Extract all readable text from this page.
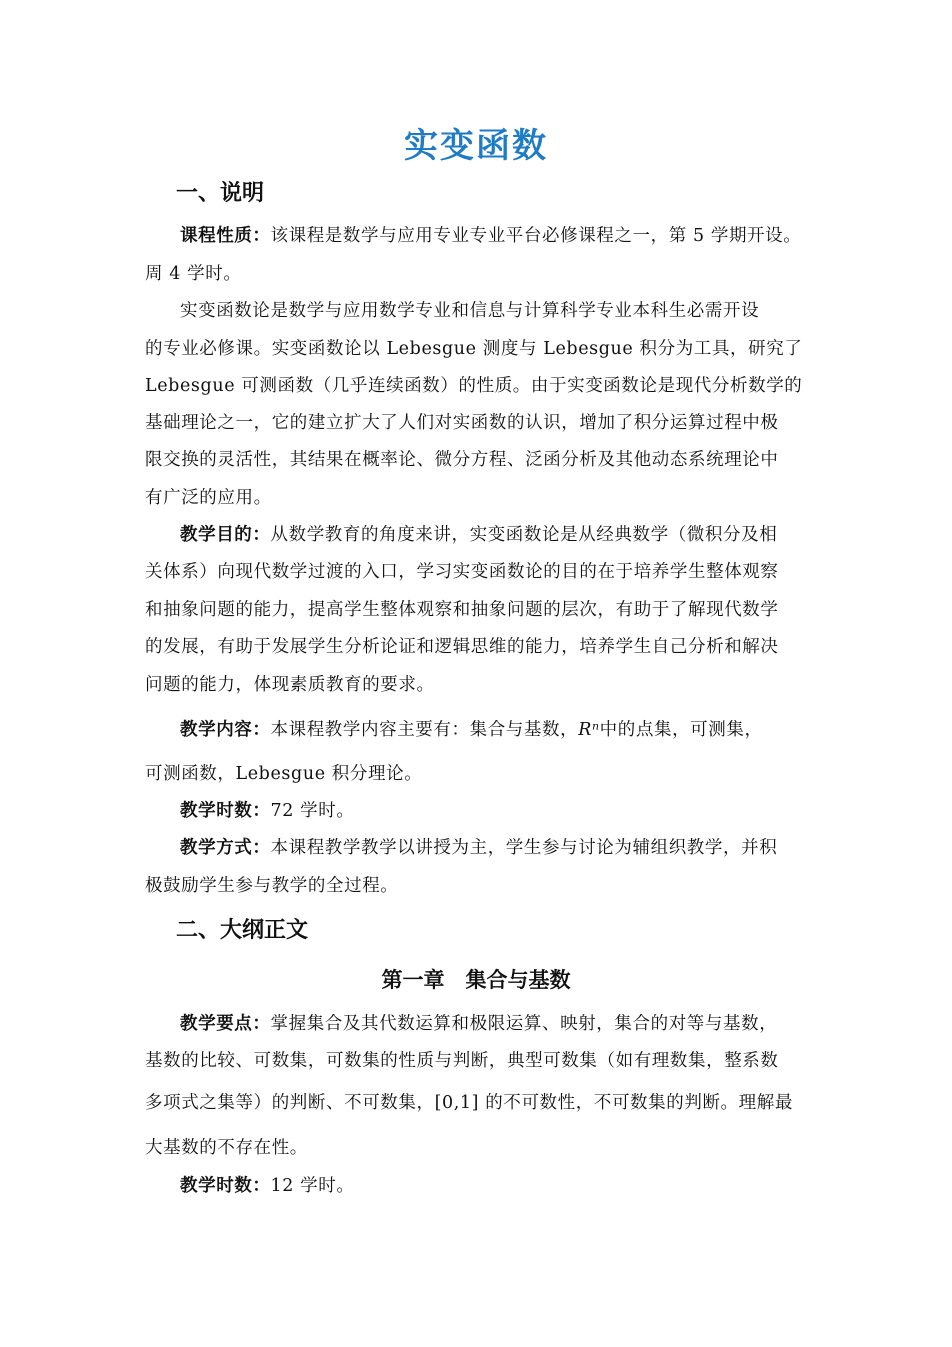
实变函数
一、说明
课程性质：该课程是数学与应用专业专业平台必修课程之一，第 5 学期开设。
周 4 学时。
实变函数论是数学与应用数学专业和信息与计算科学专业本科生必需开设
的专业必修课。实变函数论以 Lebesgue 测度与 Lebesgue 积分为工具，研究了
Lebesgue 可测函数（几乎连续函数）的性质。由于实变函数论是现代分析数学的
基础理论之一，它的建立扩大了人们对实函数的认识，增加了积分运算过程中极
限交换的灵活性，其结果在概率论、微分方程、泛函分析及其他动态系统理论中
有广泛的应用。
教学目的：从数学教育的角度来讲，实变函数论是从经典数学（微积分及相
关体系）向现代数学过渡的入口，学习实变函数论的目的在于培养学生整体观察
和抽象问题的能力，提高学生整体观察和抽象问题的层次，有助于了解现代数学
的发展，有助于发展学生分析论证和逻辑思维的能力，培养学生自己分析和解决
问题的能力，体现素质教育的要求。
教学内容：本课程教学内容主要有：集合与基数，Rⁿ中的点集，可测集，
可测函数，Lebesgue 积分理论。
教学时数：72 学时。
教学方式：本课程教学教学以讲授为主，学生参与讨论为辅组织教学，并积
极鼓励学生参与教学的全过程。
二、大纲正文
第一章　集合与基数
教学要点：掌握集合及其代数运算和极限运算、映射，集合的对等与基数，
基数的比较、可数集，可数集的性质与判断，典型可数集（如有理数集，整系数
多项式之集等）的判断、不可数集，[0,1] 的不可数性，不可数集的判断。理解最
大基数的不存在性。
教学时数：12 学时。
